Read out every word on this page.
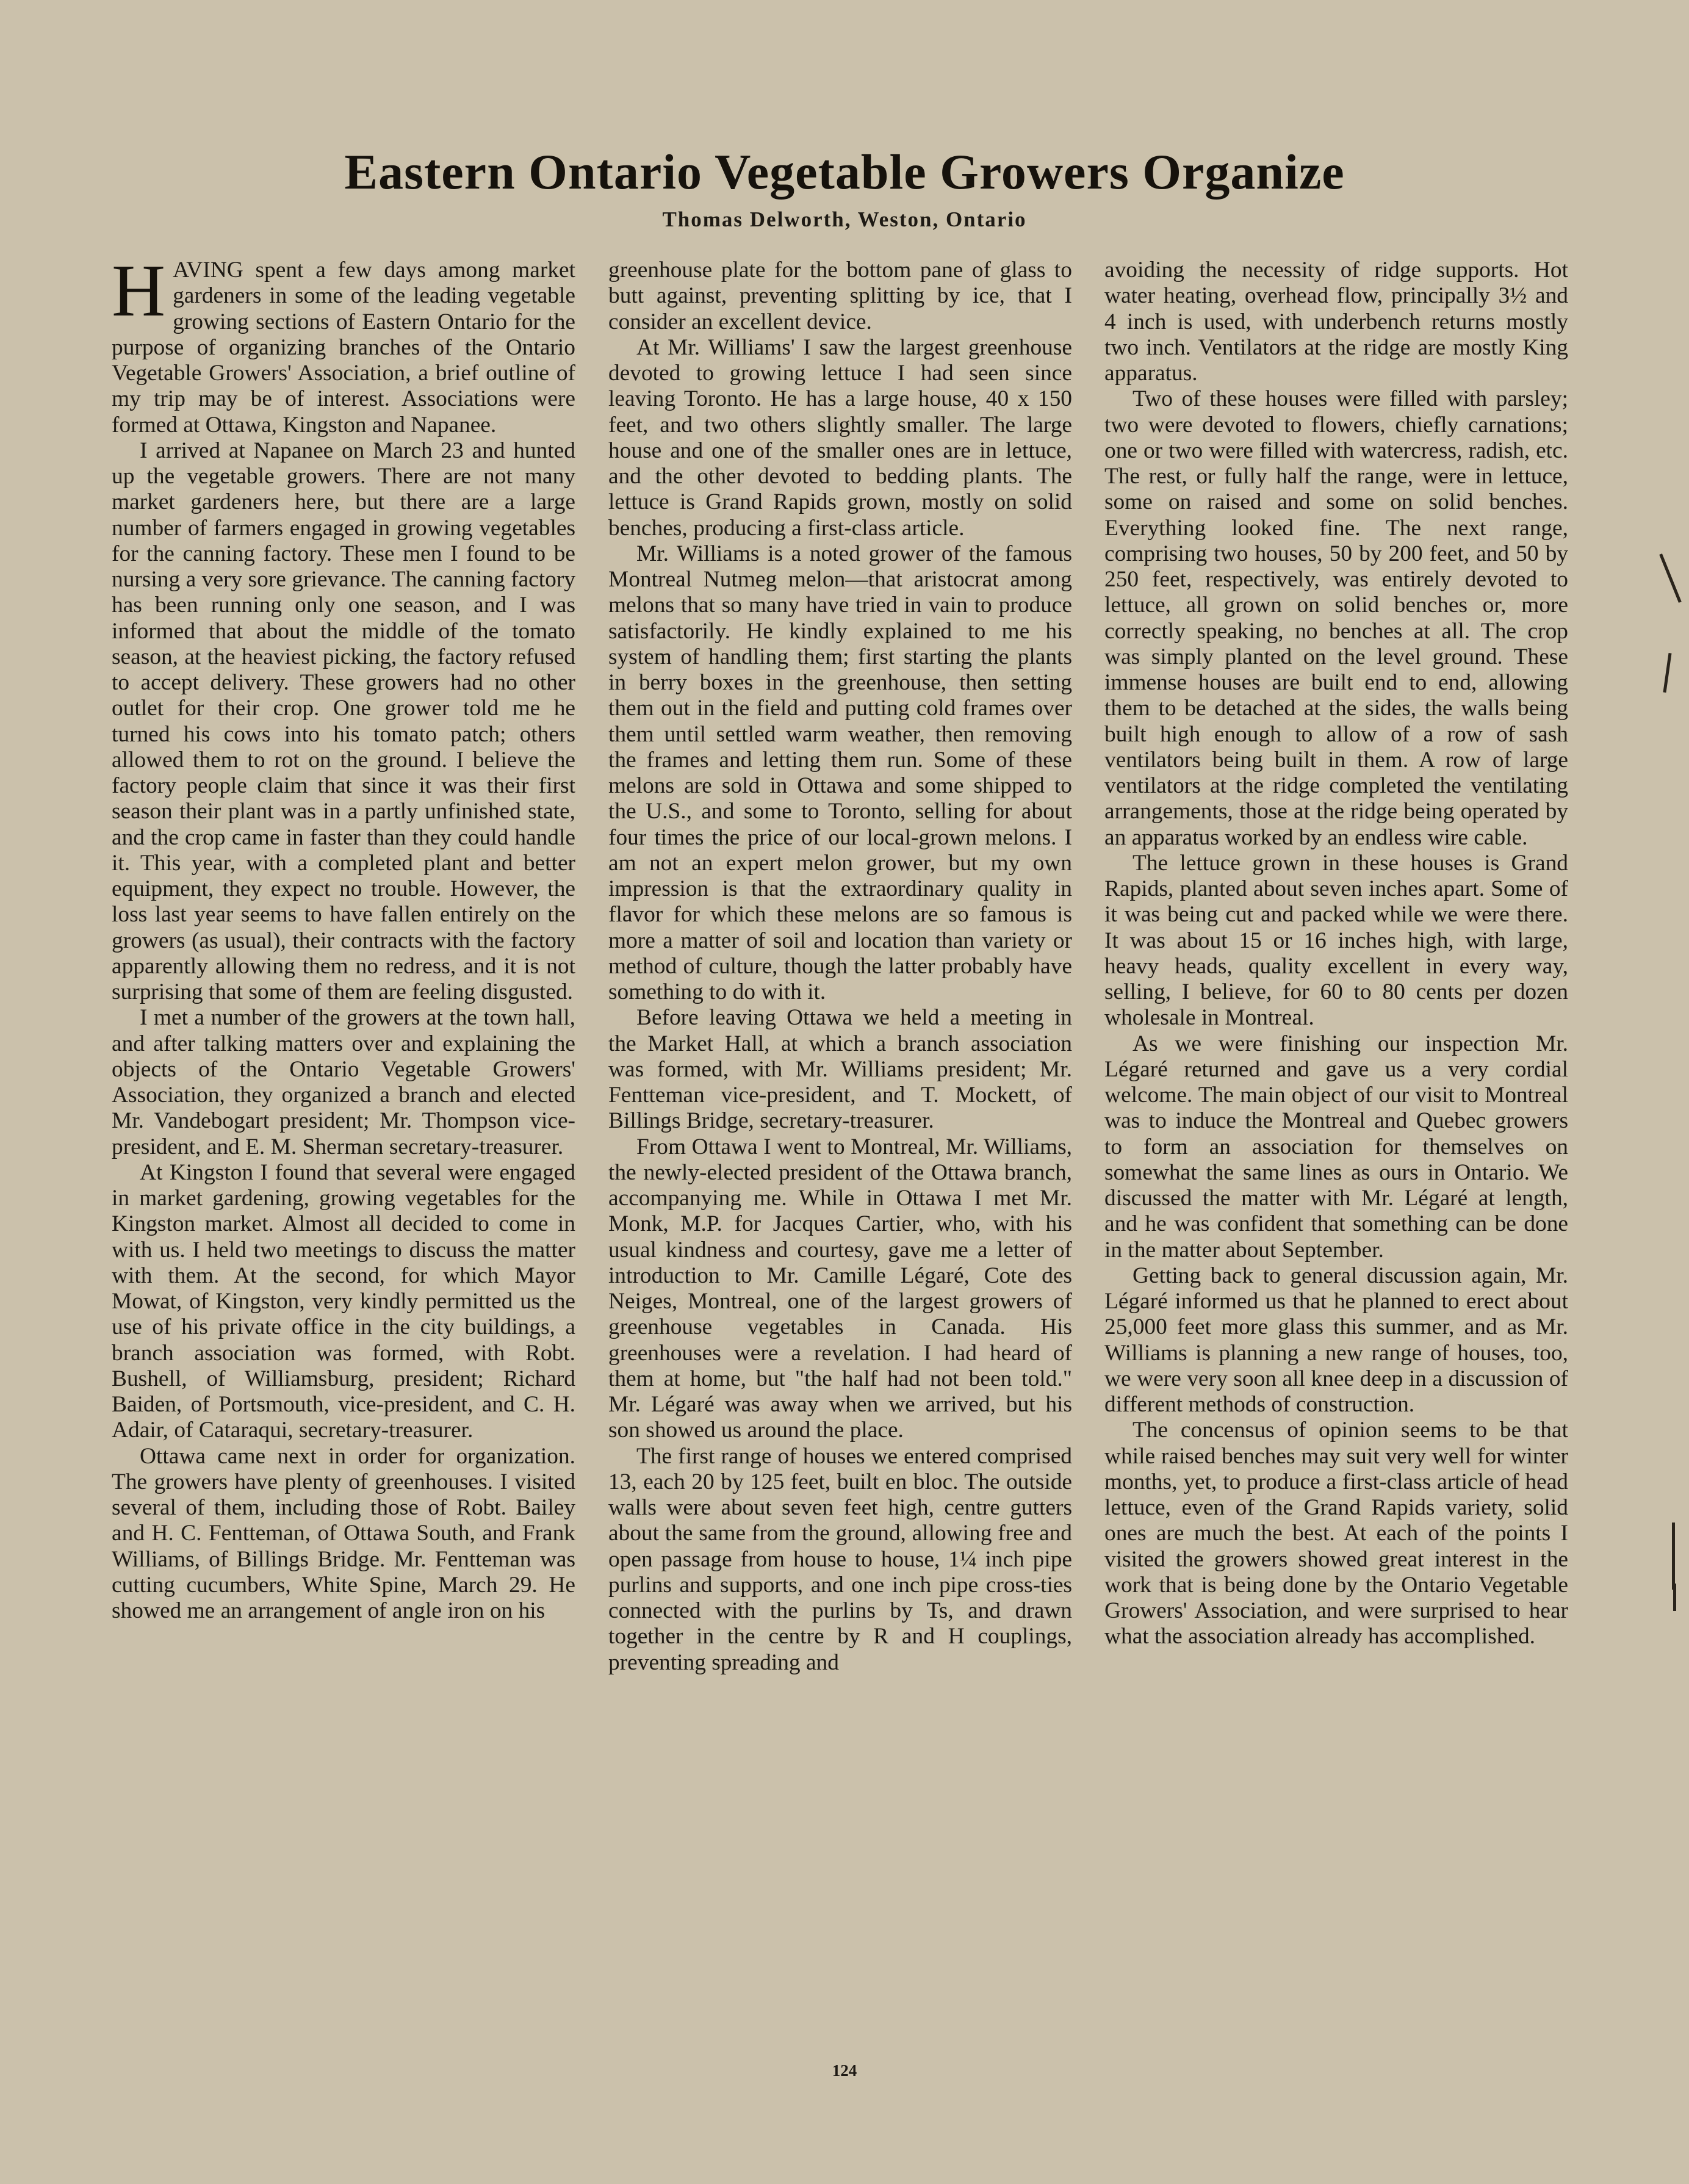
Eastern Ontario Vegetable Growers Organize
Thomas Delworth, Weston, Ontario

HAVING spent a few days among market gardeners in some of the leading vegetable growing sections of Eastern Ontario for the purpose of organizing branches of the Ontario Vegetable Growers' Association, a brief outline of my trip may be of interest. Associations were formed at Ottawa, Kingston and Napanee.

I arrived at Napanee on March 23 and hunted up the vegetable growers. There are not many market gardeners here, but there are a large number of farmers engaged in growing vegetables for the canning factory. These men I found to be nursing a very sore grievance. The canning factory has been running only one season, and I was informed that about the middle of the tomato season, at the heaviest picking, the factory refused to accept delivery. These growers had no other outlet for their crop. One grower told me he turned his cows into his tomato patch; others allowed them to rot on the ground. I believe the factory people claim that since it was their first season their plant was in a partly unfinished state, and the crop came in faster than they could handle it. This year, with a completed plant and better equipment, they expect no trouble. However, the loss last year seems to have fallen entirely on the growers (as usual), their contracts with the factory apparently allowing them no redress, and it is not surprising that some of them are feeling disgusted.

I met a number of the growers at the town hall, and after talking matters over and explaining the objects of the Ontario Vegetable Growers' Association, they organized a branch and elected Mr. Vandebogart president; Mr. Thompson vice-president, and E. M. Sherman secretary-treasurer.

At Kingston I found that several were engaged in market gardening, growing vegetables for the Kingston market. Almost all decided to come in with us. I held two meetings to discuss the matter with them. At the second, for which Mayor Mowat, of Kingston, very kindly permitted us the use of his private office in the city buildings, a branch association was formed, with Robt. Bushell, of Williamsburg, president; Richard Baiden, of Portsmouth, vice-president, and C. H. Adair, of Cataraqui, secretary-treasurer.

Ottawa came next in order for organization. The growers have plenty of greenhouses. I visited several of them, including those of Robt. Bailey and H. C. Fentteman, of Ottawa South, and Frank Williams, of Billings Bridge. Mr. Fentteman was cutting cucumbers, White Spine, March 29. He showed me an arrangement of angle iron on his

greenhouse plate for the bottom pane of glass to butt against, preventing splitting by ice, that I consider an excellent device.

At Mr. Williams' I saw the largest greenhouse devoted to growing lettuce I had seen since leaving Toronto. He has a large house, 40 x 150 feet, and two others slightly smaller. The large house and one of the smaller ones are in lettuce, and the other devoted to bedding plants. The lettuce is Grand Rapids grown, mostly on solid benches, producing a first-class article.

Mr. Williams is a noted grower of the famous Montreal Nutmeg melon—that aristocrat among melons that so many have tried in vain to produce satisfactorily. He kindly explained to me his system of handling them; first starting the plants in berry boxes in the greenhouse, then setting them out in the field and putting cold frames over them until settled warm weather, then removing the frames and letting them run. Some of these melons are sold in Ottawa and some shipped to the U.S., and some to Toronto, selling for about four times the price of our local-grown melons. I am not an expert melon grower, but my own impression is that the extraordinary quality in flavor for which these melons are so famous is more a matter of soil and location than variety or method of culture, though the latter probably have something to do with it.

Before leaving Ottawa we held a meeting in the Market Hall, at which a branch association was formed, with Mr. Williams president; Mr. Fentteman vice-president, and T. Mockett, of Billings Bridge, secretary-treasurer.

From Ottawa I went to Montreal, Mr. Williams, the newly-elected president of the Ottawa branch, accompanying me. While in Ottawa I met Mr. Monk, M.P. for Jacques Cartier, who, with his usual kindness and courtesy, gave me a letter of introduction to Mr. Camille Légaré, Cote des Neiges, Montreal, one of the largest growers of greenhouse vegetables in Canada. His greenhouses were a revelation. I had heard of them at home, but "the half had not been told." Mr. Légaré was away when we arrived, but his son showed us around the place.

The first range of houses we entered comprised 13, each 20 by 125 feet, built en bloc. The outside walls were about seven feet high, centre gutters about the same from the ground, allowing free and open passage from house to house, 1¼ inch pipe purlins and supports, and one inch pipe cross-ties connected with the purlins by Ts, and drawn together in the centre by R and H couplings, preventing spreading and

avoiding the necessity of ridge supports. Hot water heating, overhead flow, principally 3½ and 4 inch is used, with underbench returns mostly two inch. Ventilators at the ridge are mostly King apparatus.

Two of these houses were filled with parsley; two were devoted to flowers, chiefly carnations; one or two were filled with watercress, radish, etc. The rest, or fully half the range, were in lettuce, some on raised and some on solid benches. Everything looked fine. The next range, comprising two houses, 50 by 200 feet, and 50 by 250 feet, respectively, was entirely devoted to lettuce, all grown on solid benches or, more correctly speaking, no benches at all. The crop was simply planted on the level ground. These immense houses are built end to end, allowing them to be detached at the sides, the walls being built high enough to allow of a row of sash ventilators being built in them. A row of large ventilators at the ridge completed the ventilating arrangements, those at the ridge being operated by an apparatus worked by an endless wire cable.

The lettuce grown in these houses is Grand Rapids, planted about seven inches apart. Some of it was being cut and packed while we were there. It was about 15 or 16 inches high, with large, heavy heads, quality excellent in every way, selling, I believe, for 60 to 80 cents per dozen wholesale in Montreal.

As we were finishing our inspection Mr. Légaré returned and gave us a very cordial welcome. The main object of our visit to Montreal was to induce the Montreal and Quebec growers to form an association for themselves on somewhat the same lines as ours in Ontario. We discussed the matter with Mr. Légaré at length, and he was confident that something can be done in the matter about September.

Getting back to general discussion again, Mr. Légaré informed us that he planned to erect about 25,000 feet more glass this summer, and as Mr. Williams is planning a new range of houses, too, we were very soon all knee deep in a discussion of different methods of construction.

The concensus of opinion seems to be that while raised benches may suit very well for winter months, yet, to produce a first-class article of head lettuce, even of the Grand Rapids variety, solid ones are much the best. At each of the points I visited the growers showed great interest in the work that is being done by the Ontario Vegetable Growers' Association, and were surprised to hear what the association already has accomplished.

124
